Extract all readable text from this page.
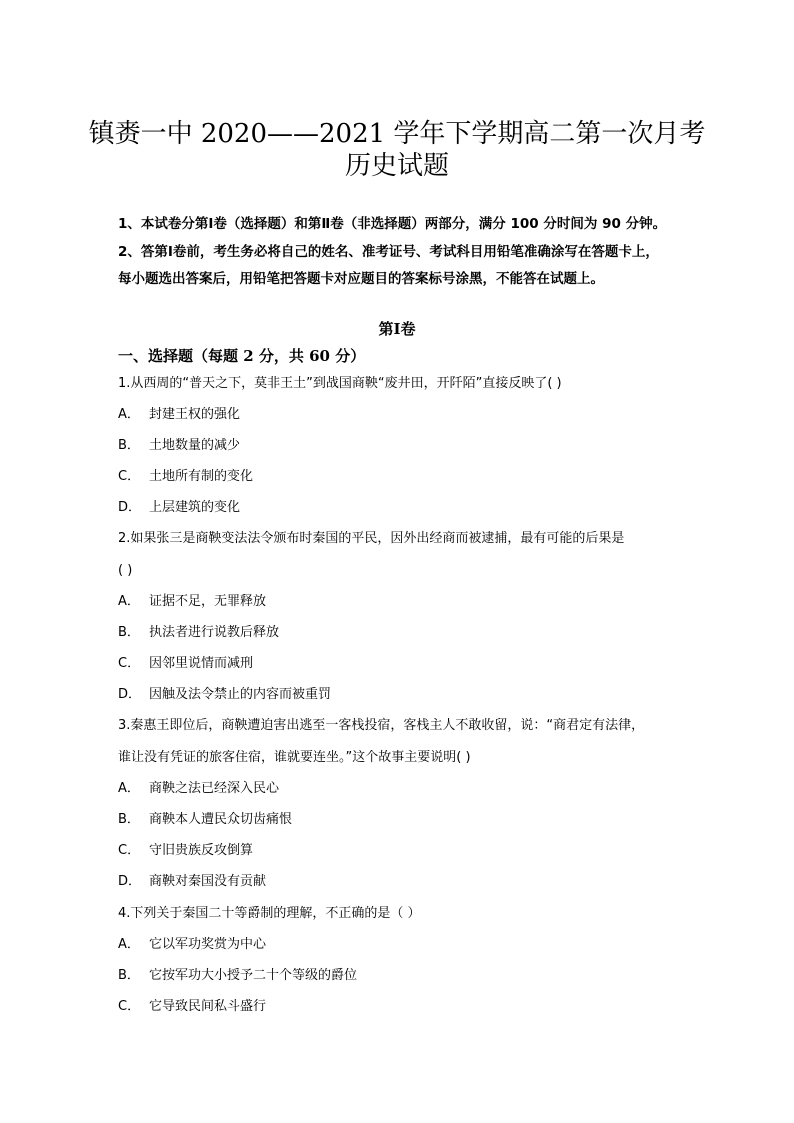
镇赉一中 2020——2021 学年下学期高二第一次月考
历史试题
1、本试卷分第Ⅰ卷（选择题）和第Ⅱ卷（非选择题）两部分，满分 100 分时间为 90 分钟。
2、答第Ⅰ卷前，考生务必将自己的姓名、准考证号、考试科目用铅笔准确涂写在答题卡上，
每小题选出答案后，用铅笔把答题卡对应题目的答案标号涂黑，不能答在试题上。
第Ⅰ卷
一、选择题（每题 2 分，共 60 分）
1.从西周的“普天之下，莫非王土”到战国商鞅“废井田，开阡陌”直接反映了( )
A． 封建王权的强化
B． 土地数量的减少
C． 土地所有制的变化
D． 上层建筑的变化
2.如果张三是商鞅变法法令颁布时秦国的平民，因外出经商而被逮捕，最有可能的后果是
( )
A． 证据不足，无罪释放
B． 执法者进行说教后释放
C． 因邻里说情而减刑
D． 因触及法令禁止的内容而被重罚
3.秦惠王即位后，商鞅遭迫害出逃至一客栈投宿，客栈主人不敢收留，说：“商君定有法律，
谁让没有凭证的旅客住宿，谁就要连坐。”这个故事主要说明( )
A． 商鞅之法已经深入民心
B． 商鞅本人遭民众切齿痛恨
C． 守旧贵族反攻倒算
D． 商鞅对秦国没有贡献
4.下列关于秦国二十等爵制的理解，不正确的是（ ）
A． 它以军功奖赏为中心
B． 它按军功大小授予二十个等级的爵位
C． 它导致民间私斗盛行
